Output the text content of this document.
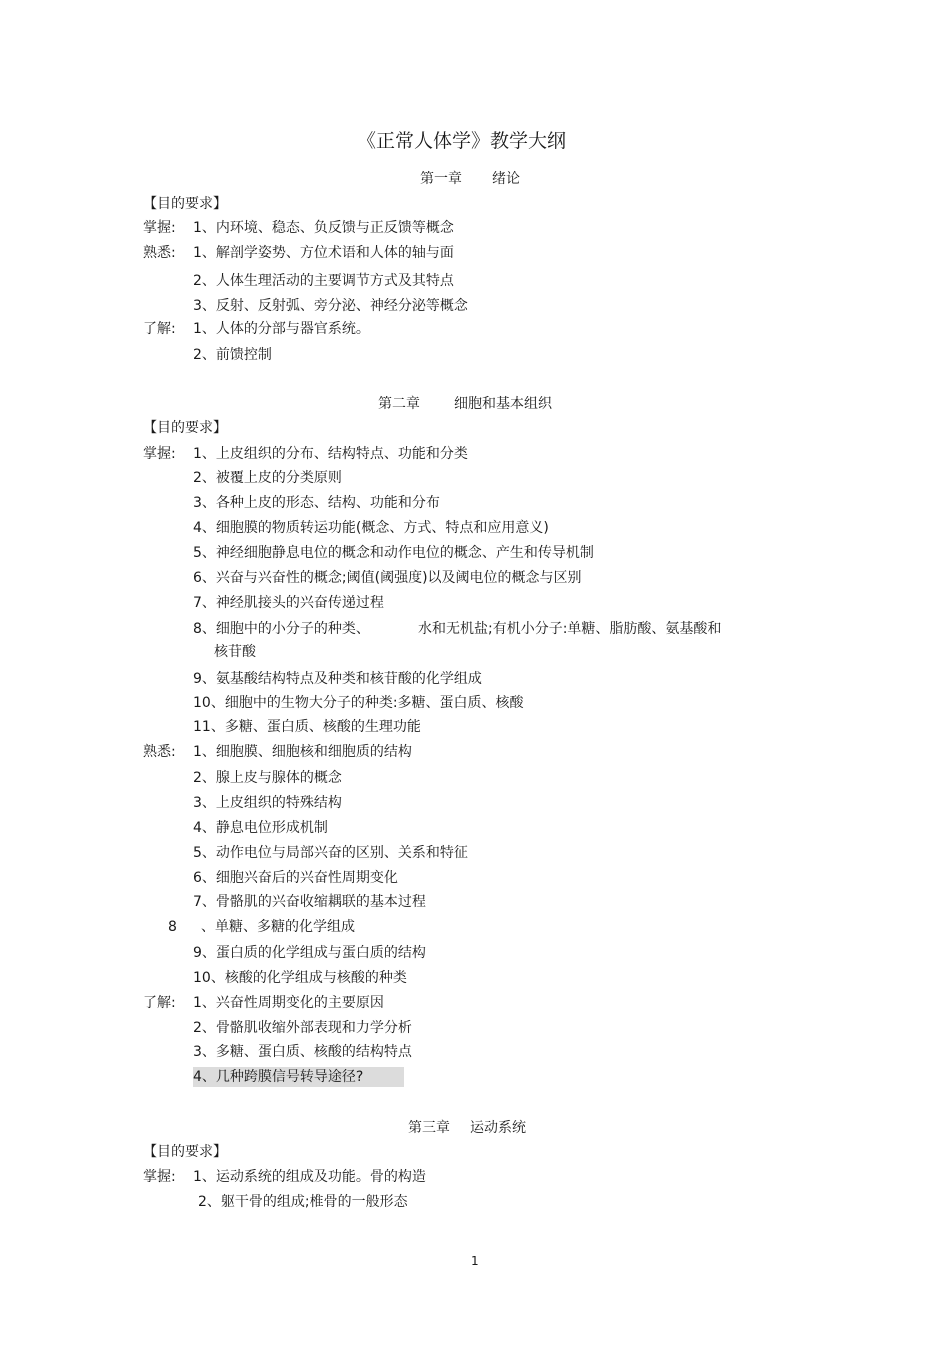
《正常人体学》教学大纲
第一章 绪论
【目的要求】
掌握: 1、内环境、稳态、负反馈与正反馈等概念
熟悉: 1、解剖学姿势、方位术语和人体的轴与面
2、人体生理活动的主要调节方式及其特点
3、反射、反射弧、旁分泌、神经分泌等概念
了解: 1、人体的分部与器官系统。
2、前馈控制
第二章 细胞和基本组织
【目的要求】
掌握: 1、上皮组织的分布、结构特点、功能和分类
2、被覆上皮的分类原则
3、各种上皮的形态、结构、功能和分布
4、细胞膜的物质转运功能(概念、方式、特点和应用意义)
5、神经细胞静息电位的概念和动作电位的概念、产生和传导机制
6、兴奋与兴奋性的概念;阈值(阈强度)以及阈电位的概念与区别
7、神经肌接头的兴奋传递过程
8、细胞中的小分子的种类、	水和无机盐;有机小分子:单糖、脂肪酸、氨基酸和
核苷酸
9、氨基酸结构特点及种类和核苷酸的化学组成
10、细胞中的生物大分子的种类:多糖、蛋白质、核酸
11、多糖、蛋白质、核酸的生理功能
熟悉: 1、细胞膜、细胞核和细胞质的结构
2、腺上皮与腺体的概念
3、上皮组织的特殊结构
4、静息电位形成机制
5、动作电位与局部兴奋的区别、关系和特征
6、细胞兴奋后的兴奋性周期变化
7、骨骼肌的兴奋收缩耦联的基本过程
8 、单糖、多糖的化学组成
9、蛋白质的化学组成与蛋白质的结构
10、核酸的化学组成与核酸的种类
了解: 1、兴奋性周期变化的主要原因
2、骨骼肌收缩外部表现和力学分析
3、多糖、蛋白质、核酸的结构特点
4、几种跨膜信号转导途径?
第三章 运动系统
【目的要求】
掌握: 1、运动系统的组成及功能。骨的构造
2、躯干骨的组成;椎骨的一般形态
1
